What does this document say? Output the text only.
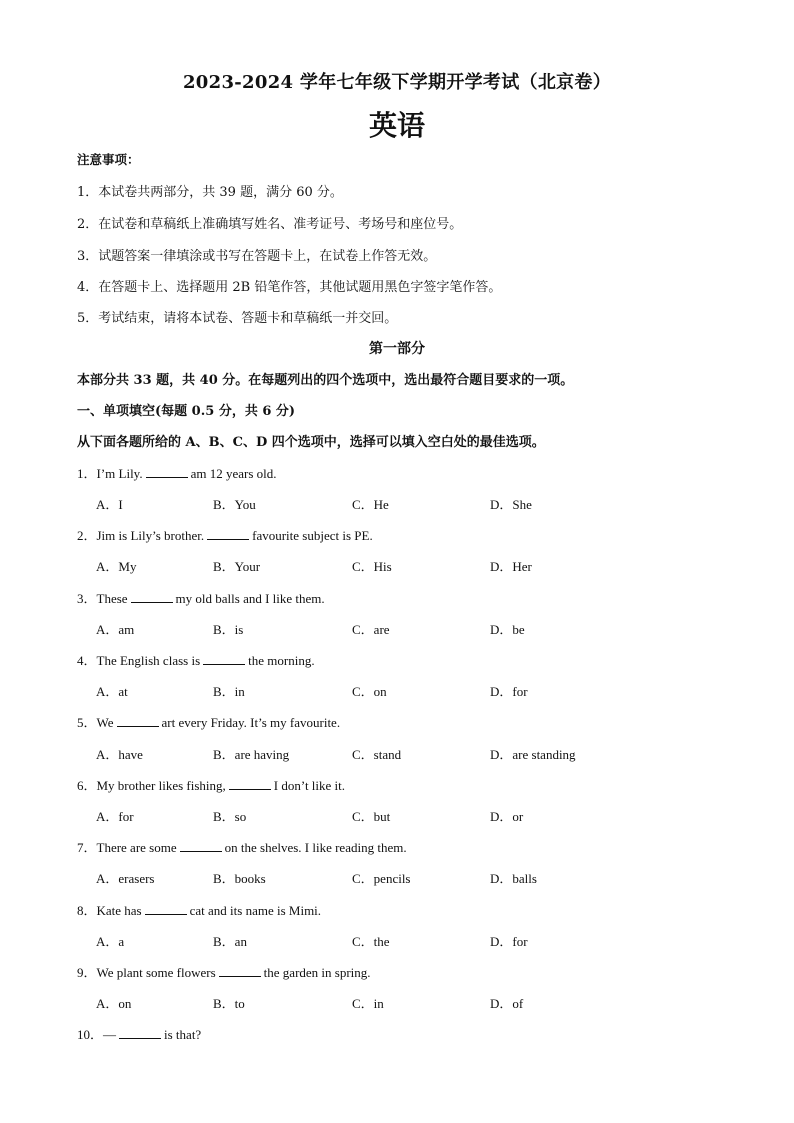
2023-2024 学年七年级下学期开学考试（北京卷）
英语
注意事项：
1．本试卷共两部分，共 39 题，满分 60 分。
2．在试卷和草稿纸上准确填写姓名、准考证号、考场号和座位号。
3．试题答案一律填涂或书写在答题卡上，在试卷上作答无效。
4．在答题卡上、选择题用 2B 铅笔作答，其他试题用黑色字签字笔作答。
5．考试结束，请将本试卷、答题卡和草稿纸一并交回。
第一部分
本部分共 33 题，共 40 分。在每题列出的四个选项中，选出最符合题目要求的一项。
一、单项填空(每题 0.5 分，共 6 分)
从下面各题所给的 A、B、C、D 四个选项中，选择可以填入空白处的最佳选项。
1．I’m Lily.	am 12 years old.
A．I	B．You	C．He	D．She
2．Jim is Lily’s brother.	favourite subject is PE.
A．My	B．Your	C．His	D．Her
3．These	my old balls and I like them.
A．am	B．is	C．are	D．be
4．The English class is	the morning.
A．at	B．in	C．on	D．for
5．We	art every Friday. It’s my favourite.
A．have	B．are having	C．stand	D．are standing
6．My brother likes fishing,	I don’t like it.
A．for	B．so	C．but	D．or
7．There are some	on the shelves. I like reading them.
A．erasers	B．books	C．pencils	D．balls
8．Kate has	cat and its name is Mimi.
A．a	B．an	C．the	D．for
9．We plant some flowers	the garden in spring.
A．on	B．to	C．in	D．of
10．—	is that?
